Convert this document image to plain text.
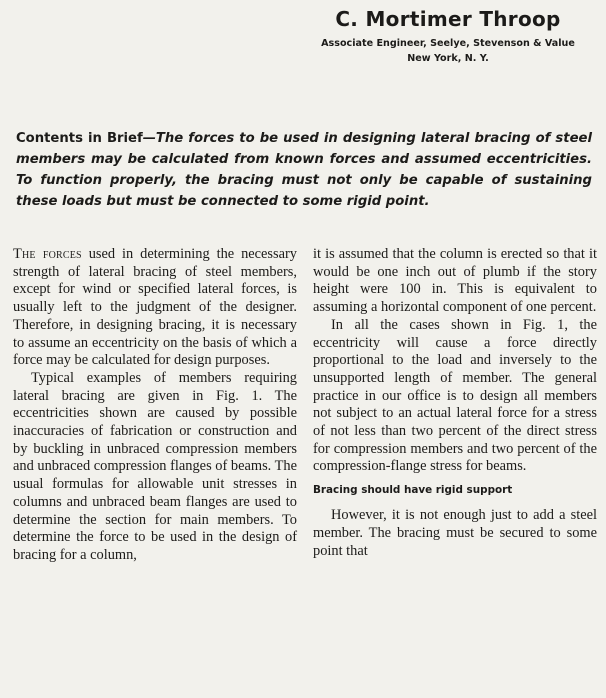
C. Mortimer Throop

Associate Engineer, Seelye, Stevenson & Value

New York, N. Y.

Contents in Brief—The forces to be used in designing lateral bracing of steel members may be calculated from known forces and assumed eccentricities. To function properly, the bracing must not only be capable of sustaining these loads but must be connected to some rigid point.

The forces used in determining the necessary strength of lateral bracing of steel members, except for wind or specified lateral forces, is usually left to the judgment of the designer. Therefore, in designing bracing, it is necessary to assume an eccentricity on the basis of which a force may be calculated for design purposes.

Typical examples of members requiring lateral bracing are given in Fig. 1. The eccentricities shown are caused by possible inaccuracies of fabrication or construction and by buckling in unbraced compression members and unbraced compression flanges of beams. The usual formulas for allowable unit stresses in columns and unbraced beam flanges are used to determine the section for main members. To determine the force to be used in the design of bracing for a column,

it is assumed that the column is erected so that it would be one inch out of plumb if the story height were 100 in. This is equivalent to assuming a horizontal component of one percent.

In all the cases shown in Fig. 1, the eccentricity will cause a force directly proportional to the load and inversely to the unsupported length of member. The general practice in our office is to design all members not subject to an actual lateral force for a stress of not less than two percent of the direct stress for compression members and two percent of the compression-flange stress for beams.

Bracing should have rigid support

However, it is not enough just to add a steel member. The bracing must be secured to some point that
